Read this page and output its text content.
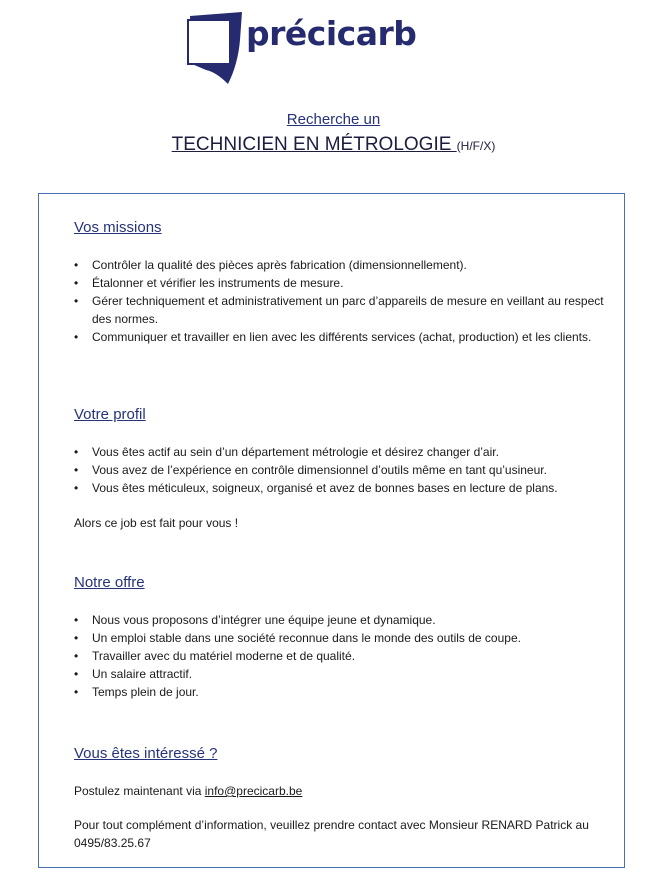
précicarb
Recherche un
TECHNICIEN EN MÉTROLOGIE (H/F/X)
Vos missions
• Contrôler la qualité des pièces après fabrication (dimensionnellement).
• Étalonner et vérifier les instruments de mesure.
• Gérer techniquement et administrativement un parc d’appareils de mesure en veillant au respect des normes.
• Communiquer et travailler en lien avec les différents services (achat, production) et les clients.
Votre profil
• Vous êtes actif au sein d’un département métrologie et désirez changer d’air.
• Vous avez de l’expérience en contrôle dimensionnel d’outils même en tant qu’usineur.
• Vous êtes méticuleux, soigneux, organisé et avez de bonnes bases en lecture de plans.

Alors ce job est fait pour vous !

Notre offre
• Nous vous proposons d’intégrer une équipe jeune et dynamique.
• Un emploi stable dans une société reconnue dans le monde des outils de coupe.
• Travailler avec du matériel moderne et de qualité.
• Un salaire attractif.
• Temps plein de jour.
Vous êtes intéressé ?

Postulez maintenant via info@precicarb.be

Pour tout complément d’information, veuillez prendre contact avec Monsieur RENARD Patrick au 0495/83.25.67
